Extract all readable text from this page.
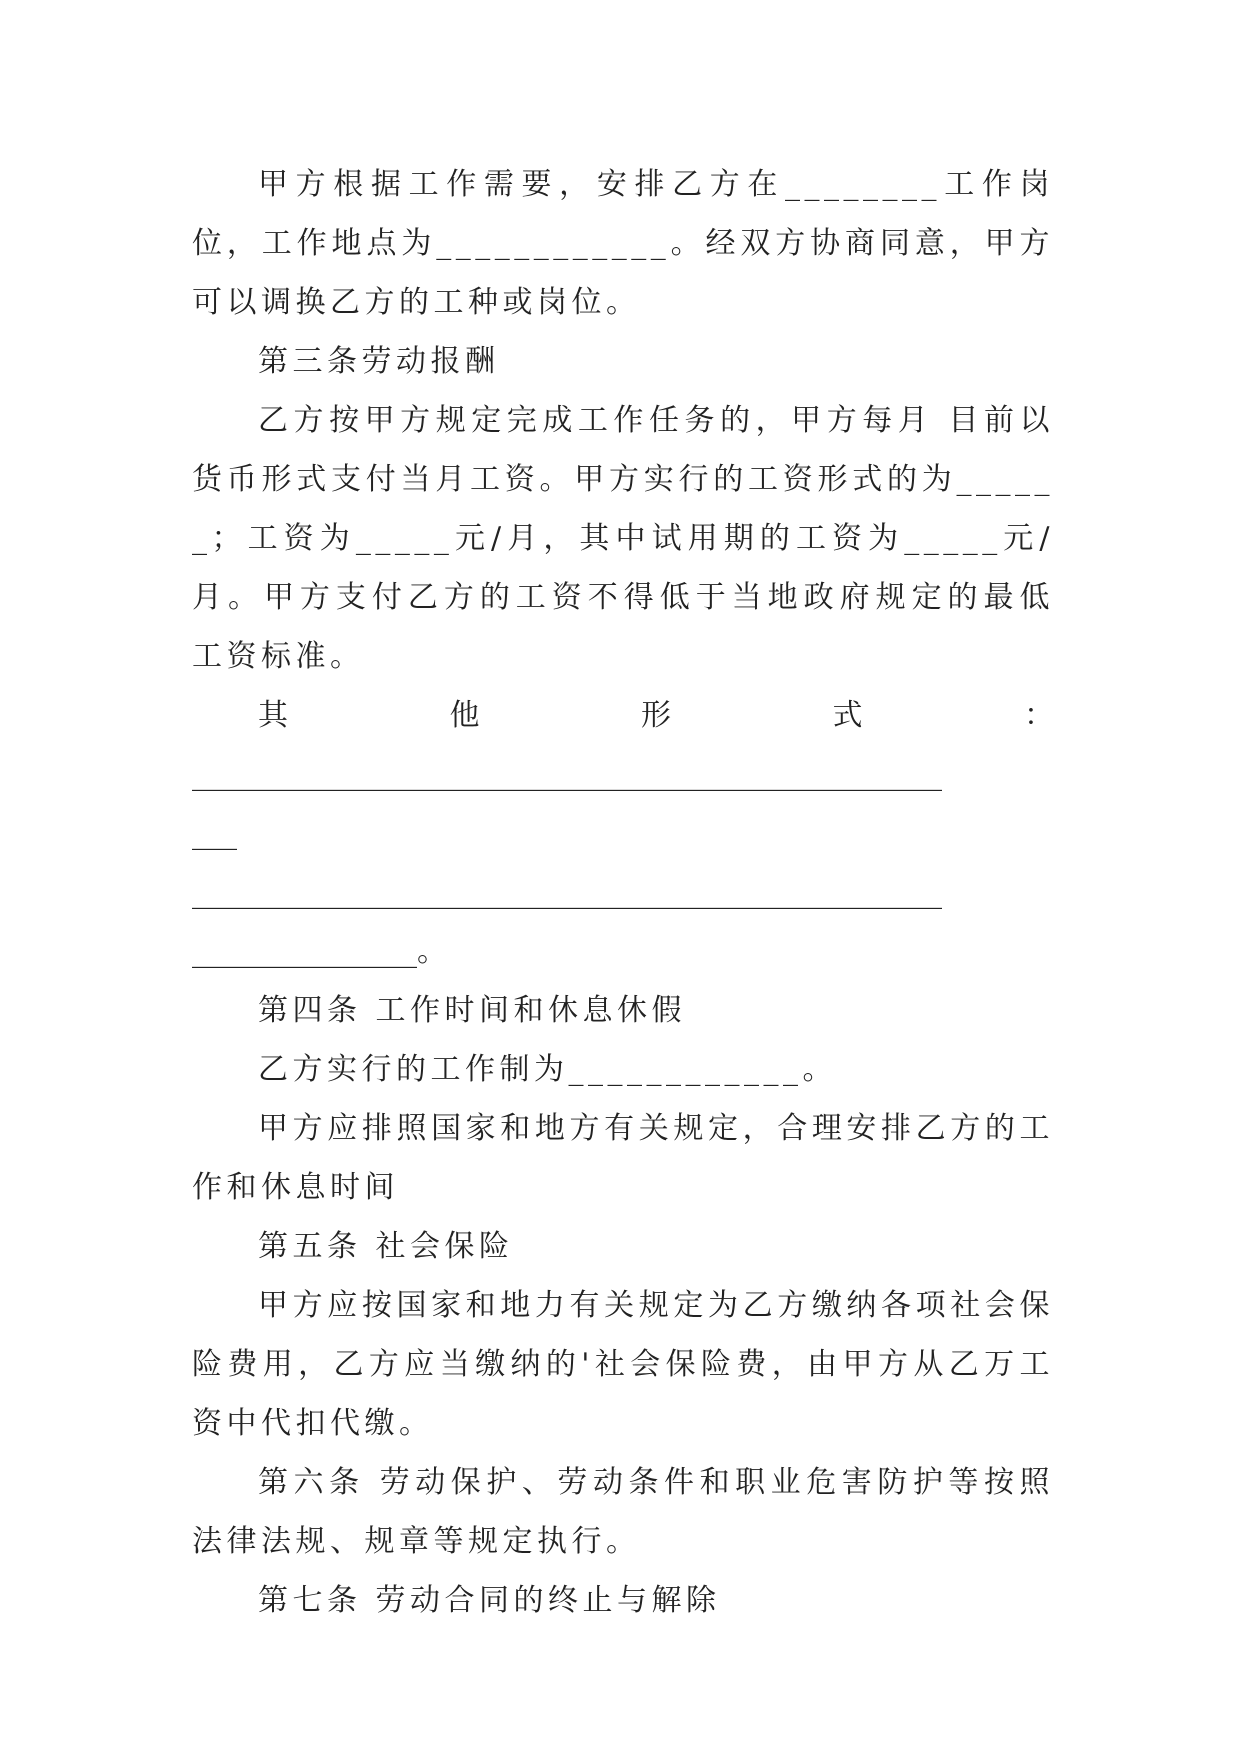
甲方根据工作需要，安排乙方在________工作岗位，工作地点为____________。经双方协商同意，甲方可以调换乙方的工种或岗位。

第三条劳动报酬

乙方按甲方规定完成工作任务的，甲方每月 目前以货币形式支付当月工资。甲方实行的工资形式的为______；工资为_____元/月，其中试用期的工资为_____元/月。甲方支付乙方的工资不得低于当地政府规定的最低工资标准。

其	他	形	式	：

__________________________________________________

___

__________________________________________________

_______________。

第四条 工作时间和休息休假

乙方实行的工作制为____________。

甲方应排照国家和地方有关规定，合理安排乙方的工作和休息时间

第五条 社会保险

甲方应按国家和地力有关规定为乙方缴纳各项社会保险费用，乙方应当缴纳的'社会保险费，由甲方从乙万工资中代扣代缴。

第六条 劳动保护、劳动条件和职业危害防护等按照法律法规、规章等规定执行。

第七条 劳动合同的终止与解除
